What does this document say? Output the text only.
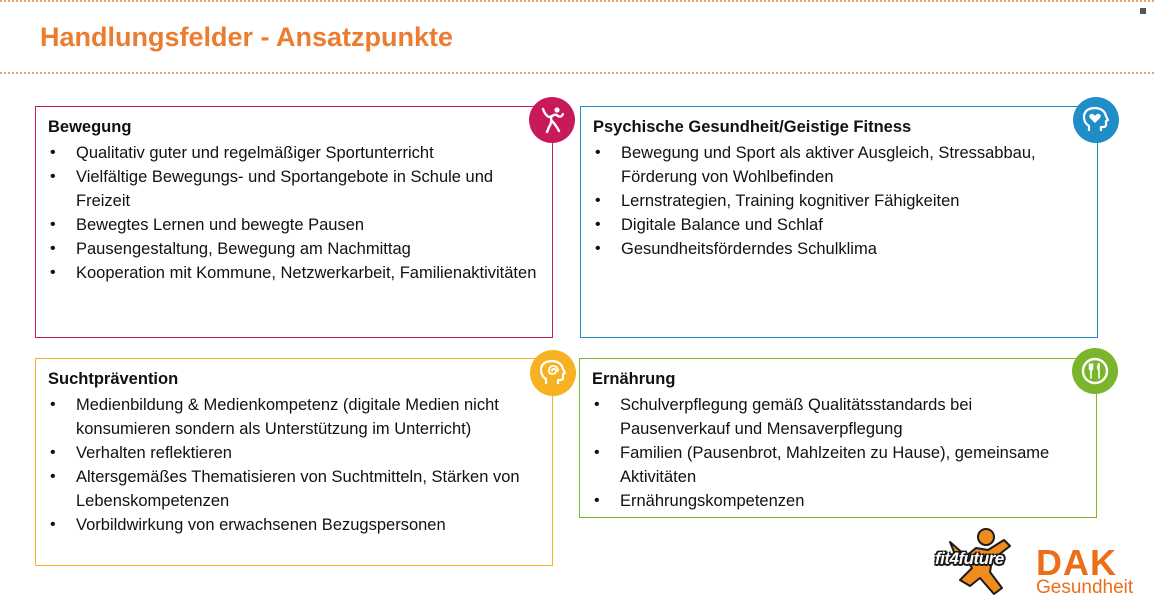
Handlungsfelder - Ansatzpunkte
Bewegung
• Qualitativ guter und regelmäßiger Sportunterricht
• Vielfältige Bewegungs- und Sportangebote in Schule und Freizeit
• Bewegtes Lernen und bewegte Pausen
• Pausengestaltung, Bewegung am Nachmittag
• Kooperation mit Kommune, Netzwerkarbeit, Familienaktivitäten
Psychische Gesundheit/Geistige Fitness
• Bewegung und Sport als aktiver Ausgleich, Stressabbau, Förderung von Wohlbefinden
• Lernstrategien, Training kognitiver Fähigkeiten
• Digitale Balance und Schlaf
• Gesundheitsförderndes Schulklima
Suchtprävention
• Medienbildung & Medienkompetenz (digitale Medien nicht konsumieren sondern als Unterstützung im Unterricht)
• Verhalten reflektieren
• Altersgemäßes Thematisieren von Suchtmitteln, Stärken von Lebenskompetenzen
• Vorbildwirkung von erwachsenen Bezugspersonen
Ernährung
• Schulverpflegung gemäß Qualitätsstandards bei Pausenverkauf und Mensaverpflegung
• Familien (Pausenbrot, Mahlzeiten zu Hause), gemeinsame Aktivitäten
• Ernährungskompetenzen
fit4future DAK
Gesundheit
